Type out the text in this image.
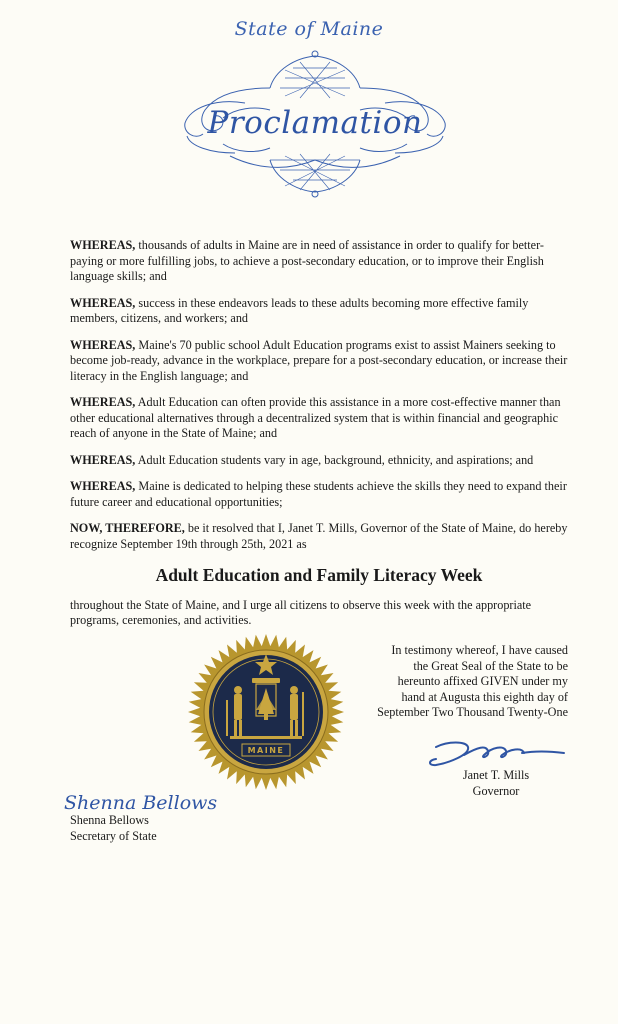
State of Maine
Proclamation

WHEREAS, thousands of adults in Maine are in need of assistance in order to qualify for better-paying or more fulfilling jobs, to achieve a post-secondary education, or to improve their English language skills; and

WHEREAS, success in these endeavors leads to these adults becoming more effective family members, citizens, and workers; and

WHEREAS, Maine's 70 public school Adult Education programs exist to assist Mainers seeking to become job-ready, advance in the workplace, prepare for a post-secondary education, or increase their literacy in the English language; and

WHEREAS, Adult Education can often provide this assistance in a more cost-effective manner than other educational alternatives through a decentralized system that is within financial and geographic reach of anyone in the State of Maine; and

WHEREAS, Adult Education students vary in age, background, ethnicity, and aspirations; and

WHEREAS, Maine is dedicated to helping these students achieve the skills they need to expand their future career and educational opportunities;

NOW, THEREFORE, be it resolved that I, Janet T. Mills, Governor of the State of Maine, do hereby recognize September 19th through 25th, 2021 as

Adult Education and Family Literacy Week

throughout the State of Maine, and I urge all citizens to observe this week with the appropriate programs, ceremonies, and activities.

In testimony whereof, I have caused
the Great Seal of the State to be
hereunto affixed GIVEN under my
hand at Augusta this eighth day of
September Two Thousand Twenty-One
MAINE
Janet T. Mills
Governor
Shenna Bellows
Shenna Bellows
Secretary of State
